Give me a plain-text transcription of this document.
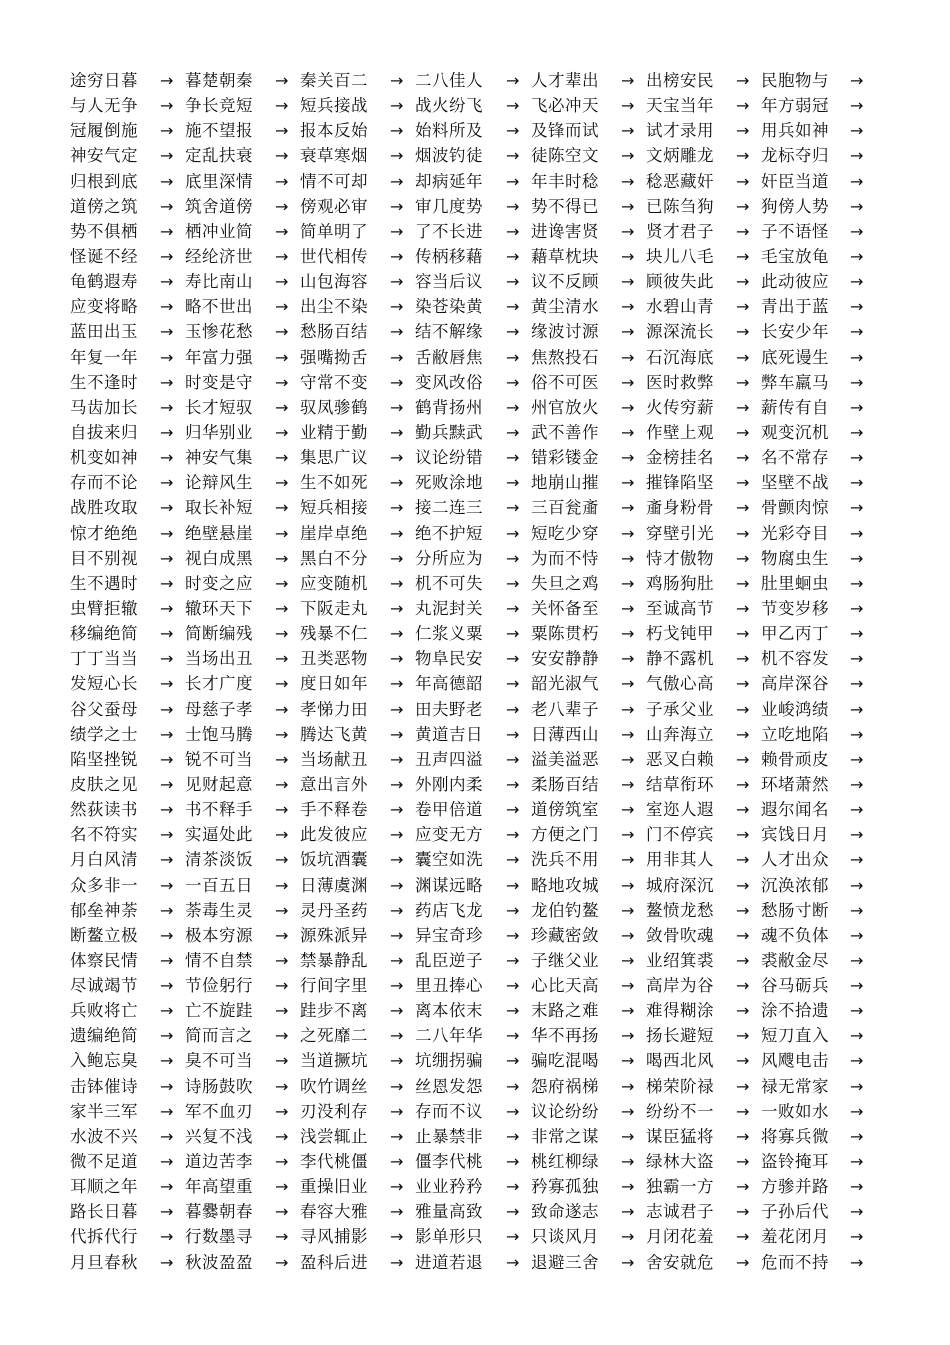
途穷日暮 → 暮楚朝秦 → 秦关百二 → 二八佳人 → 人才辈出 → 出榜安民 → 民胞物与 →
与人无争 → 争长竞短 → 短兵接战 → 战火纷飞 → 飞必冲天 → 天宝当年 → 年方弱冠 →
冠履倒施 → 施不望报 → 报本反始 → 始料所及 → 及锋而试 → 试才录用 → 用兵如神 →
神安气定 → 定乱扶衰 → 衰草寒烟 → 烟波钓徒 → 徒陈空文 → 文炳雕龙 → 龙标夺归 →
归根到底 → 底里深情 → 情不可却 → 却病延年 → 年丰时稔 → 稔恶藏奸 → 奸臣当道 →
道傍之筑 → 筑舍道傍 → 傍观必审 → 审几度势 → 势不得已 → 已陈刍狗 → 狗傍人势 →
势不俱栖 → 栖冲业简 → 简单明了 → 了不长进 → 进谗害贤 → 贤才君子 → 子不语怪 →
怪诞不经 → 经纶济世 → 世代相传 → 传柄移藉 → 藉草枕块 → 块儿八毛 → 毛宝放龟 →
龟鹤遐寿 → 寿比南山 → 山包海容 → 容当后议 → 议不反顾 → 顾彼失此 → 此动彼应 →
应变将略 → 略不世出 → 出尘不染 → 染苍染黄 → 黄尘清水 → 水碧山青 → 青出于蓝 →
蓝田出玉 → 玉惨花愁 → 愁肠百结 → 结不解缘 → 缘波讨源 → 源深流长 → 长安少年 →
年复一年 → 年富力强 → 强嘴拗舌 → 舌敝唇焦 → 焦熬投石 → 石沉海底 → 底死谩生 →
生不逢时 → 时变是守 → 守常不变 → 变风改俗 → 俗不可医 → 医时救弊 → 弊车羸马 →
马齿加长 → 长才短驭 → 驭凤骖鹤 → 鹤背扬州 → 州官放火 → 火传穷薪 → 薪传有自 →
自拔来归 → 归华别业 → 业精于勤 → 勤兵黩武 → 武不善作 → 作壁上观 → 观变沉机 →
机变如神 → 神安气集 → 集思广议 → 议论纷错 → 错彩镂金 → 金榜挂名 → 名不常存 →
存而不论 → 论辩风生 → 生不如死 → 死败涂地 → 地崩山摧 → 摧锋陷坚 → 坚壁不战 →
战胜攻取 → 取长补短 → 短兵相接 → 接二连三 → 三百瓮齑 → 齑身粉骨 → 骨颤肉惊 →
惊才绝绝 → 绝壁悬崖 → 崖岸卓绝 → 绝不护短 → 短吃少穿 → 穿壁引光 → 光彩夺目 →
目不别视 → 视白成黑 → 黑白不分 → 分所应为 → 为而不恃 → 恃才傲物 → 物腐虫生 →
生不遇时 → 时变之应 → 应变随机 → 机不可失 → 失旦之鸡 → 鸡肠狗肚 → 肚里蛔虫 →
虫臂拒辙 → 辙环天下 → 下阪走丸 → 丸泥封关 → 关怀备至 → 至诚高节 → 节变岁移 →
移编绝简 → 简断编残 → 残暴不仁 → 仁浆义粟 → 粟陈贯朽 → 朽戈钝甲 → 甲乙丙丁 →
丁丁当当 → 当场出丑 → 丑类恶物 → 物阜民安 → 安安静静 → 静不露机 → 机不容发 →
发短心长 → 长才广度 → 度日如年 → 年高德韶 → 韶光淑气 → 气傲心高 → 高岸深谷 →
谷父蚕母 → 母慈子孝 → 孝悌力田 → 田夫野老 → 老八辈子 → 子承父业 → 业峻鸿绩 →
绩学之士 → 士饱马腾 → 腾达飞黄 → 黄道吉日 → 日薄西山 → 山奔海立 → 立吃地陷 →
陷坚挫锐 → 锐不可当 → 当场献丑 → 丑声四溢 → 溢美溢恶 → 恶叉白赖 → 赖骨顽皮 →
皮肤之见 → 见财起意 → 意出言外 → 外刚内柔 → 柔肠百结 → 结草衔环 → 环堵萧然 →
然荻读书 → 书不释手 → 手不释卷 → 卷甲倍道 → 道傍筑室 → 室迩人遐 → 遐尔闻名 →
名不符实 → 实逼处此 → 此发彼应 → 应变无方 → 方便之门 → 门不停宾 → 宾饯日月 →
月白风清 → 清茶淡饭 → 饭坑酒囊 → 囊空如洗 → 洗兵不用 → 用非其人 → 人才出众 →
众多非一 → 一百五日 → 日薄虞渊 → 渊谋远略 → 略地攻城 → 城府深沉 → 沉涣浓郁 →
郁垒神荼 → 荼毒生灵 → 灵丹圣药 → 药店飞龙 → 龙伯钓鳌 → 鳌愤龙愁 → 愁肠寸断 →
断鳌立极 → 极本穷源 → 源殊派异 → 异宝奇珍 → 珍藏密敛 → 敛骨吹魂 → 魂不负体 →
体察民情 → 情不自禁 → 禁暴静乱 → 乱臣逆子 → 子继父业 → 业绍箕裘 → 裘敝金尽 →
尽诚竭节 → 节俭躬行 → 行间字里 → 里丑捧心 → 心比天高 → 高岸为谷 → 谷马砺兵 →
兵败将亡 → 亡不旋跬 → 跬步不离 → 离本依末 → 末路之难 → 难得糊涂 → 涂不拾遗 →
遗编绝简 → 简而言之 → 之死靡二 → 二八年华 → 华不再扬 → 扬长避短 → 短刀直入 →
入鲍忘臭 → 臭不可当 → 当道撅坑 → 坑绷拐骗 → 骗吃混喝 → 喝西北风 → 风飕电击 →
击钵催诗 → 诗肠鼓吹 → 吹竹调丝 → 丝恩发怨 → 怨府祸梯 → 梯荣阶禄 → 禄无常家 →
家半三军 → 军不血刃 → 刃没利存 → 存而不议 → 议论纷纷 → 纷纷不一 → 一败如水 →
水波不兴 → 兴复不浅 → 浅尝辄止 → 止暴禁非 → 非常之谋 → 谋臣猛将 → 将寡兵微 →
微不足道 → 道边苦李 → 李代桃僵 → 僵李代桃 → 桃红柳绿 → 绿林大盗 → 盗铃掩耳 →
耳顺之年 → 年高望重 → 重操旧业 → 业业矜矜 → 矜寡孤独 → 独霸一方 → 方骖并路 →
路长日暮 → 暮爨朝春 → 春容大雅 → 雅量高致 → 致命遂志 → 志诚君子 → 子孙后代 →
代拆代行 → 行数墨寻 → 寻风捕影 → 影单形只 → 只谈风月 → 月闭花羞 → 羞花闭月 →
月旦春秋 → 秋波盈盈 → 盈科后进 → 进道若退 → 退避三舍 → 舍安就危 → 危而不持 →
